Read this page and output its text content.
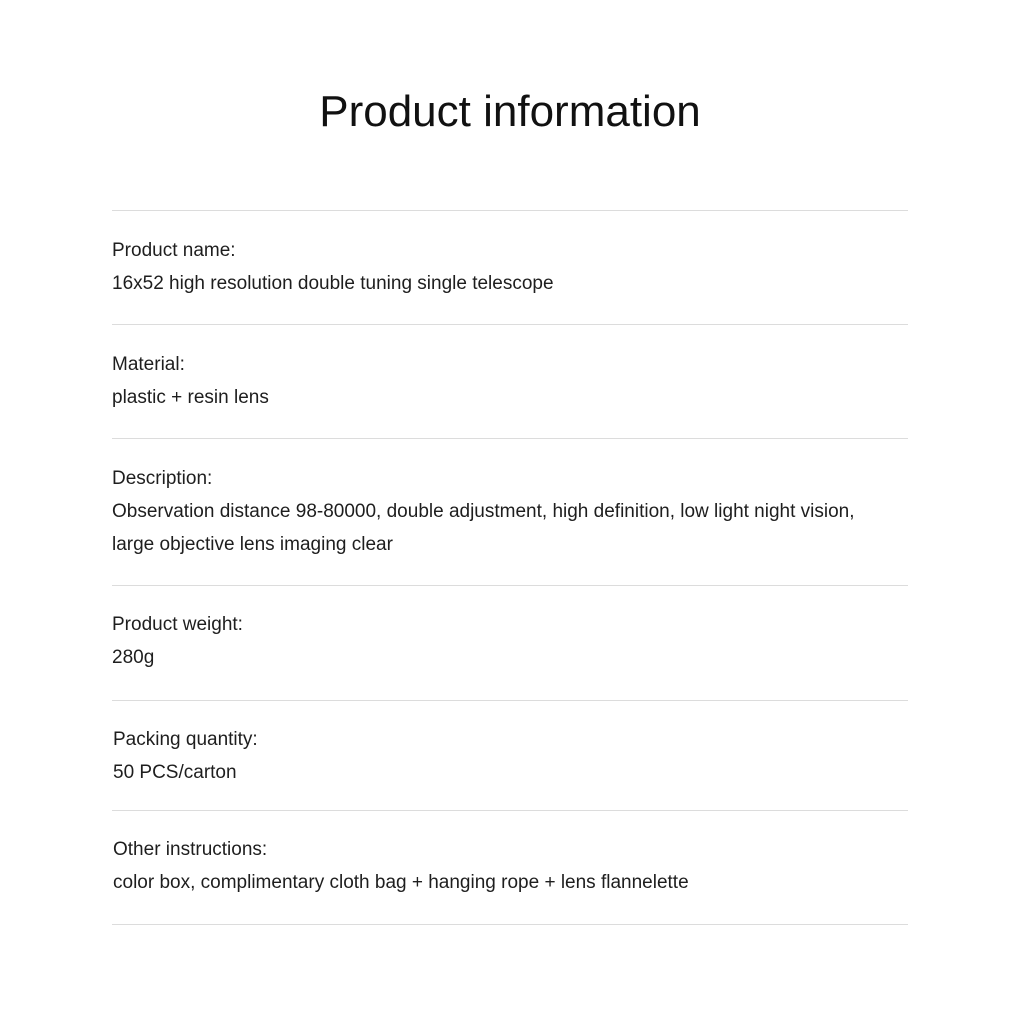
Product information
Product name:
16x52 high resolution double tuning single telescope
Material:
plastic + resin lens
Description:
Observation distance 98-80000, double adjustment, high definition, low light night vision,
large objective lens imaging clear
Product weight:
280g
Packing quantity:
50 PCS/carton
Other instructions:
color box, complimentary cloth bag + hanging rope + lens flannelette
